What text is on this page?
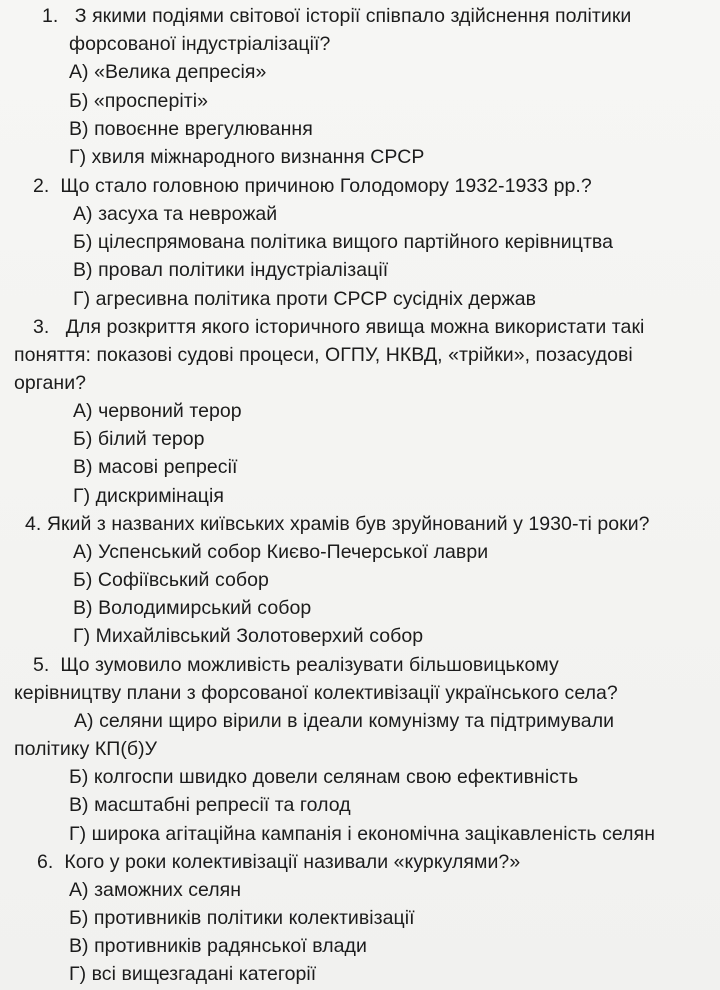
1. З якими подіями світової історії співпало здійснення політики
форсованої індустріалізації?
А) «Велика депресія»
Б) «просперіті»
В) повоєнне врегулювання
Г) хвиля міжнародного визнання СРСР
2. Що стало головною причиною Голодомору 1932-1933 рр.?
А) засуха та неврожай
Б) цілеспрямована політика вищого партійного керівництва
В) провал політики індустріалізації
Г) агресивна політика проти СРСР сусідніх держав
3. Для розкриття якого історичного явища можна використати такі
поняття: показові судові процеси, ОГПУ, НКВД, «трійки», позасудові
органи?
А) червоний терор
Б) білий терор
В) масові репресії
Г) дискримінація
4. Який з названих київських храмів був зруйнований у 1930-ті роки?
А) Успенський собор Києво-Печерської лаври
Б) Софіївський собор
В) Володимирський собор
Г) Михайлівський Золотоверхий собор
5. Що зумовило можливість реалізувати більшовицькому
керівництву плани з форсованої колективізації українського села?
А) селяни щиро вірили в ідеали комунізму та підтримували
політику КП(б)У
Б) колгоспи швидко довели селянам свою ефективність
В) масштабні репресії та голод
Г) широка агітаційна кампанія і економічна зацікавленість селян
6. Кого у роки колективізації називали «куркулями?»
А) заможних селян
Б) противників політики колективізації
В) противників радянської влади
Г) всі вищезгадані категорії
